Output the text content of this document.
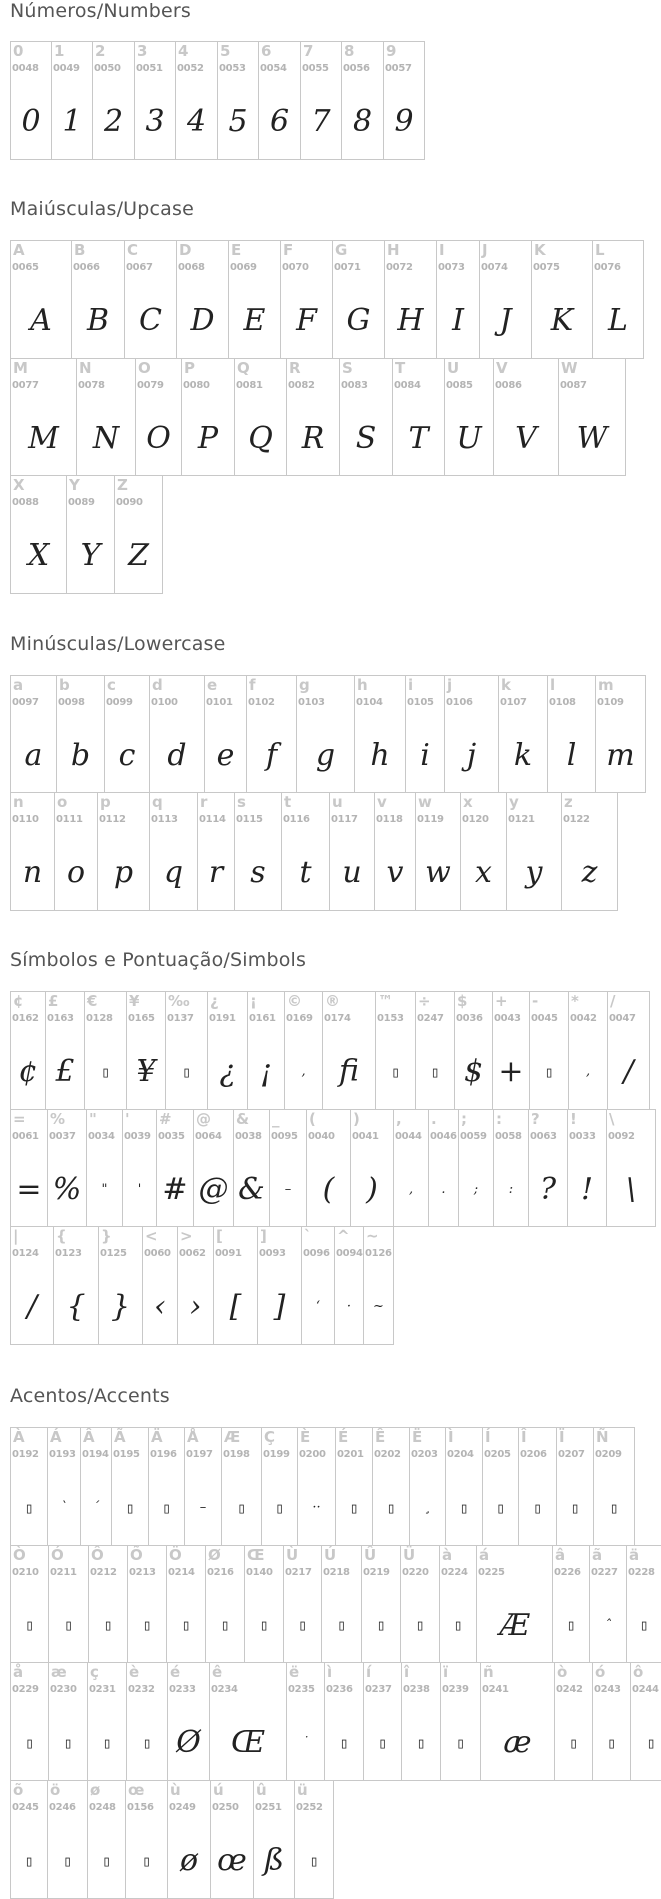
Números/Numbers
0
0048
0
1
0049
1
2
0050
2
3
0051
3
4
0052
4
5
0053
5
6
0054
6
7
0055
7
8
0056
8
9
0057
9
Maiúsculas/Upcase
A
0065
A
B
0066
B
C
0067
C
D
0068
D
E
0069
E
F
0070
F
G
0071
G
H
0072
H
I
0073
I
J
0074
J
K
0075
K
L
0076
L
M
0077
M
N
0078
N
O
0079
O
P
0080
P
Q
0081
Q
R
0082
R
S
0083
S
T
0084
T
U
0085
U
V
0086
V
W
0087
W
X
0088
X
Y
0089
Y
Z
0090
Z
Minúsculas/Lowercase
a
0097
a
b
0098
b
c
0099
c
d
0100
d
e
0101
e
f
0102
f
g
0103
g
h
0104
h
i
0105
i
j
0106
j
k
0107
k
l
0108
l
m
0109
m
n
0110
n
o
0111
o
p
0112
p
q
0113
q
r
0114
r
s
0115
s
t
0116
t
u
0117
u
v
0118
v
w
0119
w
x
0120
x
y
0121
y
z
0122
z
Símbolos e Pontuação/Simbols
¢
0162
¢
£
0163
£
€
0128
▯
¥
0165
¥
‰
0137
▯
¿
0191
¿
¡
0161
¡
©
0169
‚
®
0174
ﬁ
™
0153
▯
÷
0247
▯
$
0036
$
+
0043
+
-
0045
▯
*
0042
‚
/
0047
/
=
0061
=
%
0037
%
"
0034
"
'
0039
'
#
0035
#
@
0064
@
&
0038
&
_
0095
–
(
0040
(
)
0041
)
,
0044
‚
.
0046
.
;
0059
;
:
0058
:
?
0063
?
!
0033
!
\
0092
\
|
0124
/
{
0123
{
}
0125
}
<
0060
‹
>
0062
›
[
0091
[
]
0093
]
`
0096
‘
^
0094
·
~
0126
~
Acentos/Accents
À
0192
▯
Á
0193
`
Â
0194
´
Ã
0195
▯
Ä
0196
▯
Å
0197
–
Æ
0198
▯
Ç
0199
▯
È
0200
··
É
0201
▯
Ê
0202
▯
Ë
0203
¸
Ì
0204
▯
Í
0205
▯
Î
0206
▯
Ï
0207
▯
Ñ
0209
▯
Ò
0210
▯
Ó
0211
▯
Ô
0212
▯
Õ
0213
▯
Ö
0214
▯
Ø
0216
▯
Œ
0140
▯
Ù
0217
▯
Ú
0218
▯
Û
0219
▯
Ü
0220
▯
à
0224
▯
á
0225
Æ
â
0226
▯
ã
0227
ˆ
ä
0228
▯
å
0229
▯
æ
0230
▯
ç
0231
▯
è
0232
▯
é
0233
Ø
ê
0234
Œ
ë
0235
˙
ì
0236
▯
í
0237
▯
î
0238
▯
ï
0239
▯
ñ
0241
æ
ò
0242
▯
ó
0243
▯
ô
0244
▯
õ
0245
▯
ö
0246
▯
ø
0248
▯
œ
0156
▯
ù
0249
ø
ú
0250
œ
û
0251
ß
ü
0252
▯
